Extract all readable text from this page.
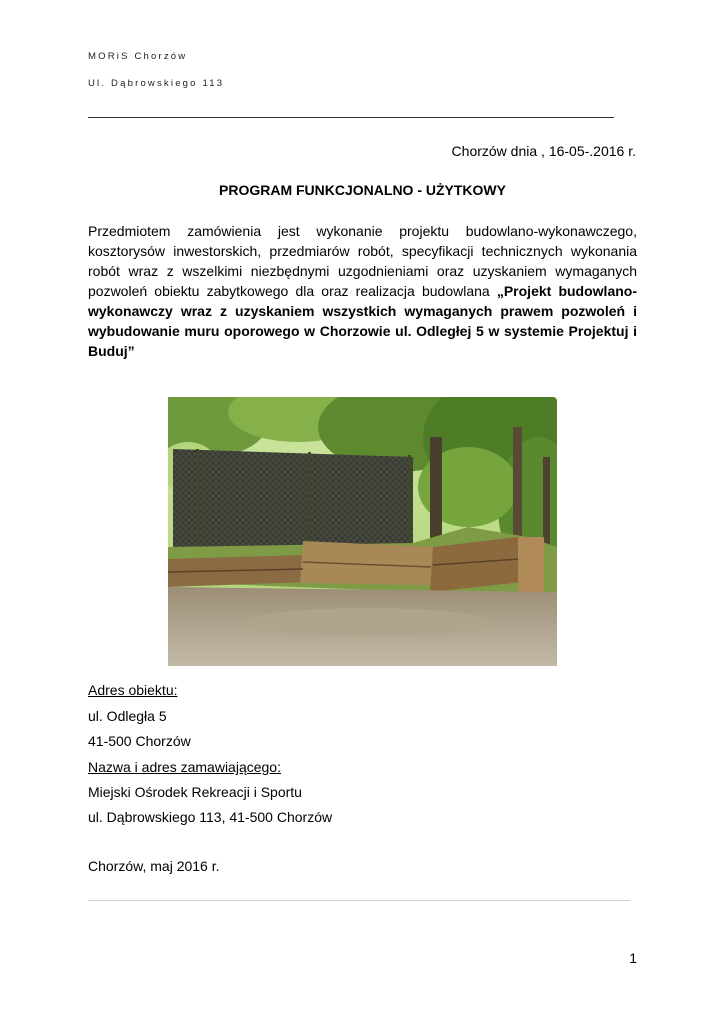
MORiS Chorzów
Ul. Dąbrowskiego 113
Chorzów dnia , 16-05-.2016 r.
PROGRAM FUNKCJONALNO - UŻYTKOWY
Przedmiotem zamówienia jest wykonanie projektu budowlano-wykonawczego, kosztorysów inwestorskich, przedmiarów robót, specyfikacji technicznych wykonania robót wraz z wszelkimi niezbędnymi uzgodnieniami oraz uzyskaniem wymaganych pozwoleń obiektu zabytkowego dla oraz realizacja budowlana „Projekt budowlano-wykonawczy wraz z uzyskaniem wszystkich wymaganych prawem pozwoleń i wybudowanie muru oporowego w Chorzowie ul. Odległej 5 w systemie Projektuj i Buduj”
Adres obiektu:
ul. Odległa 5
41-500 Chorzów
Nazwa i adres zamawiającego:
Miejski Ośrodek Rekreacji i Sportu
ul. Dąbrowskiego 113, 41-500 Chorzów
Chorzów, maj 2016 r.
1
